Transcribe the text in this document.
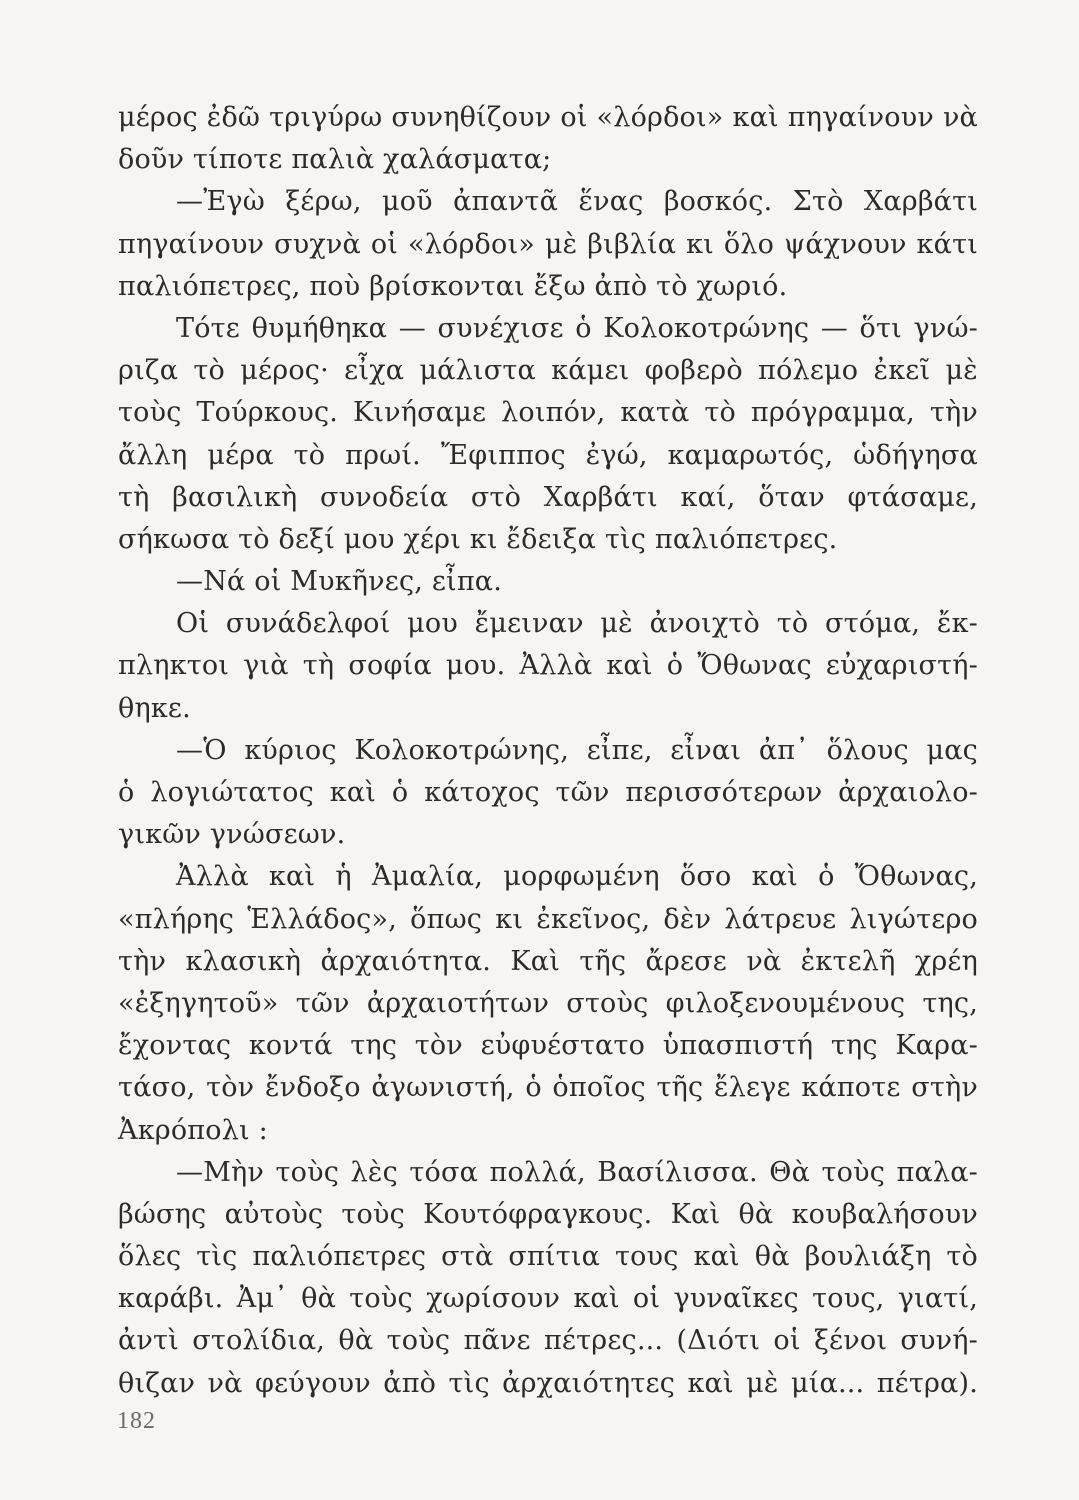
μέρος ἐδῶ τριγύρω συνηθίζουν οἱ «λόρδοι» καὶ πηγαίνουν νὰ
δοῦν τίποτε παλιὰ χαλάσματα;
—Ἐγὼ ξέρω, μοῦ ἀπαντᾶ ἕνας βοσκός. Στὸ Χαρβάτι
πηγαίνουν συχνὰ οἱ «λόρδοι» μὲ βιβλία κι ὅλο ψάχνουν κάτι
παλιόπετρες, ποὺ βρίσκονται ἔξω ἀπὸ τὸ χωριό.
Τότε θυμήθηκα — συνέχισε ὁ Κολοκοτρώνης — ὅτι γνώ-
ριζα τὸ μέρος· εἶχα μάλιστα κάμει φοβερὸ πόλεμο ἐκεῖ μὲ
τοὺς Τούρκους. Κινήσαμε λοιπόν, κατὰ τὸ πρόγραμμα, τὴν
ἄλλη μέρα τὸ πρωί. Ἔφιππος ἐγώ, καμαρωτός, ὡδήγησα
τὴ βασιλικὴ συνοδεία στὸ Χαρβάτι καί, ὅταν φτάσαμε,
σήκωσα τὸ δεξί μου χέρι κι ἔδειξα τὶς παλιόπετρες.
—Νά οἱ Μυκῆνες, εἶπα.
Οἱ συνάδελφοί μου ἔμειναν μὲ ἀνοιχτὸ τὸ στόμα, ἔκ-
πληκτοι γιὰ τὴ σοφία μου. Ἀλλὰ καὶ ὁ Ὄθωνας εὐχαριστή-
θηκε.
—Ὁ κύριος Κολοκοτρώνης, εἶπε, εἶναι ἀπ᾽ ὅλους μας
ὁ λογιώτατος καὶ ὁ κάτοχος τῶν περισσότερων ἀρχαιολο-
γικῶν γνώσεων.
Ἀλλὰ καὶ ἡ Ἀμαλία, μορφωμένη ὅσο καὶ ὁ Ὄθωνας,
«πλήρης Ἑλλάδος», ὅπως κι ἐκεῖνος, δὲν λάτρευε λιγώτερο
τὴν κλασικὴ ἀρχαιότητα. Καὶ τῆς ἄρεσε νὰ ἐκτελῆ χρέη
«ἐξηγητοῦ» τῶν ἀρχαιοτήτων στοὺς φιλοξενουμένους της,
ἔχοντας κοντά της τὸν εὐφυέστατο ὑπασπιστή της Καρα-
τάσο, τὸν ἔνδοξο ἀγωνιστή, ὁ ὁποῖος τῆς ἔλεγε κάποτε στὴν
Ἀκρόπολι :
—Μὴν τοὺς λὲς τόσα πολλά, Βασίλισσα. Θὰ τοὺς παλα-
βώσης αὐτοὺς τοὺς Κουτόφραγκους. Καὶ θὰ κουβαλήσουν
ὅλες τὶς παλιόπετρες στὰ σπίτια τους καὶ θὰ βουλιάξη τὸ
καράβι. Ἀμ᾽ θὰ τοὺς χωρίσουν καὶ οἱ γυναῖκες τους, γιατί,
ἀντὶ στολίδια, θὰ τοὺς πᾶνε πέτρες... (Διότι οἱ ξένοι συνή-
θιζαν νὰ φεύγουν ἀπὸ τὶς ἀρχαιότητες καὶ μὲ μία... πέτρα).
182
